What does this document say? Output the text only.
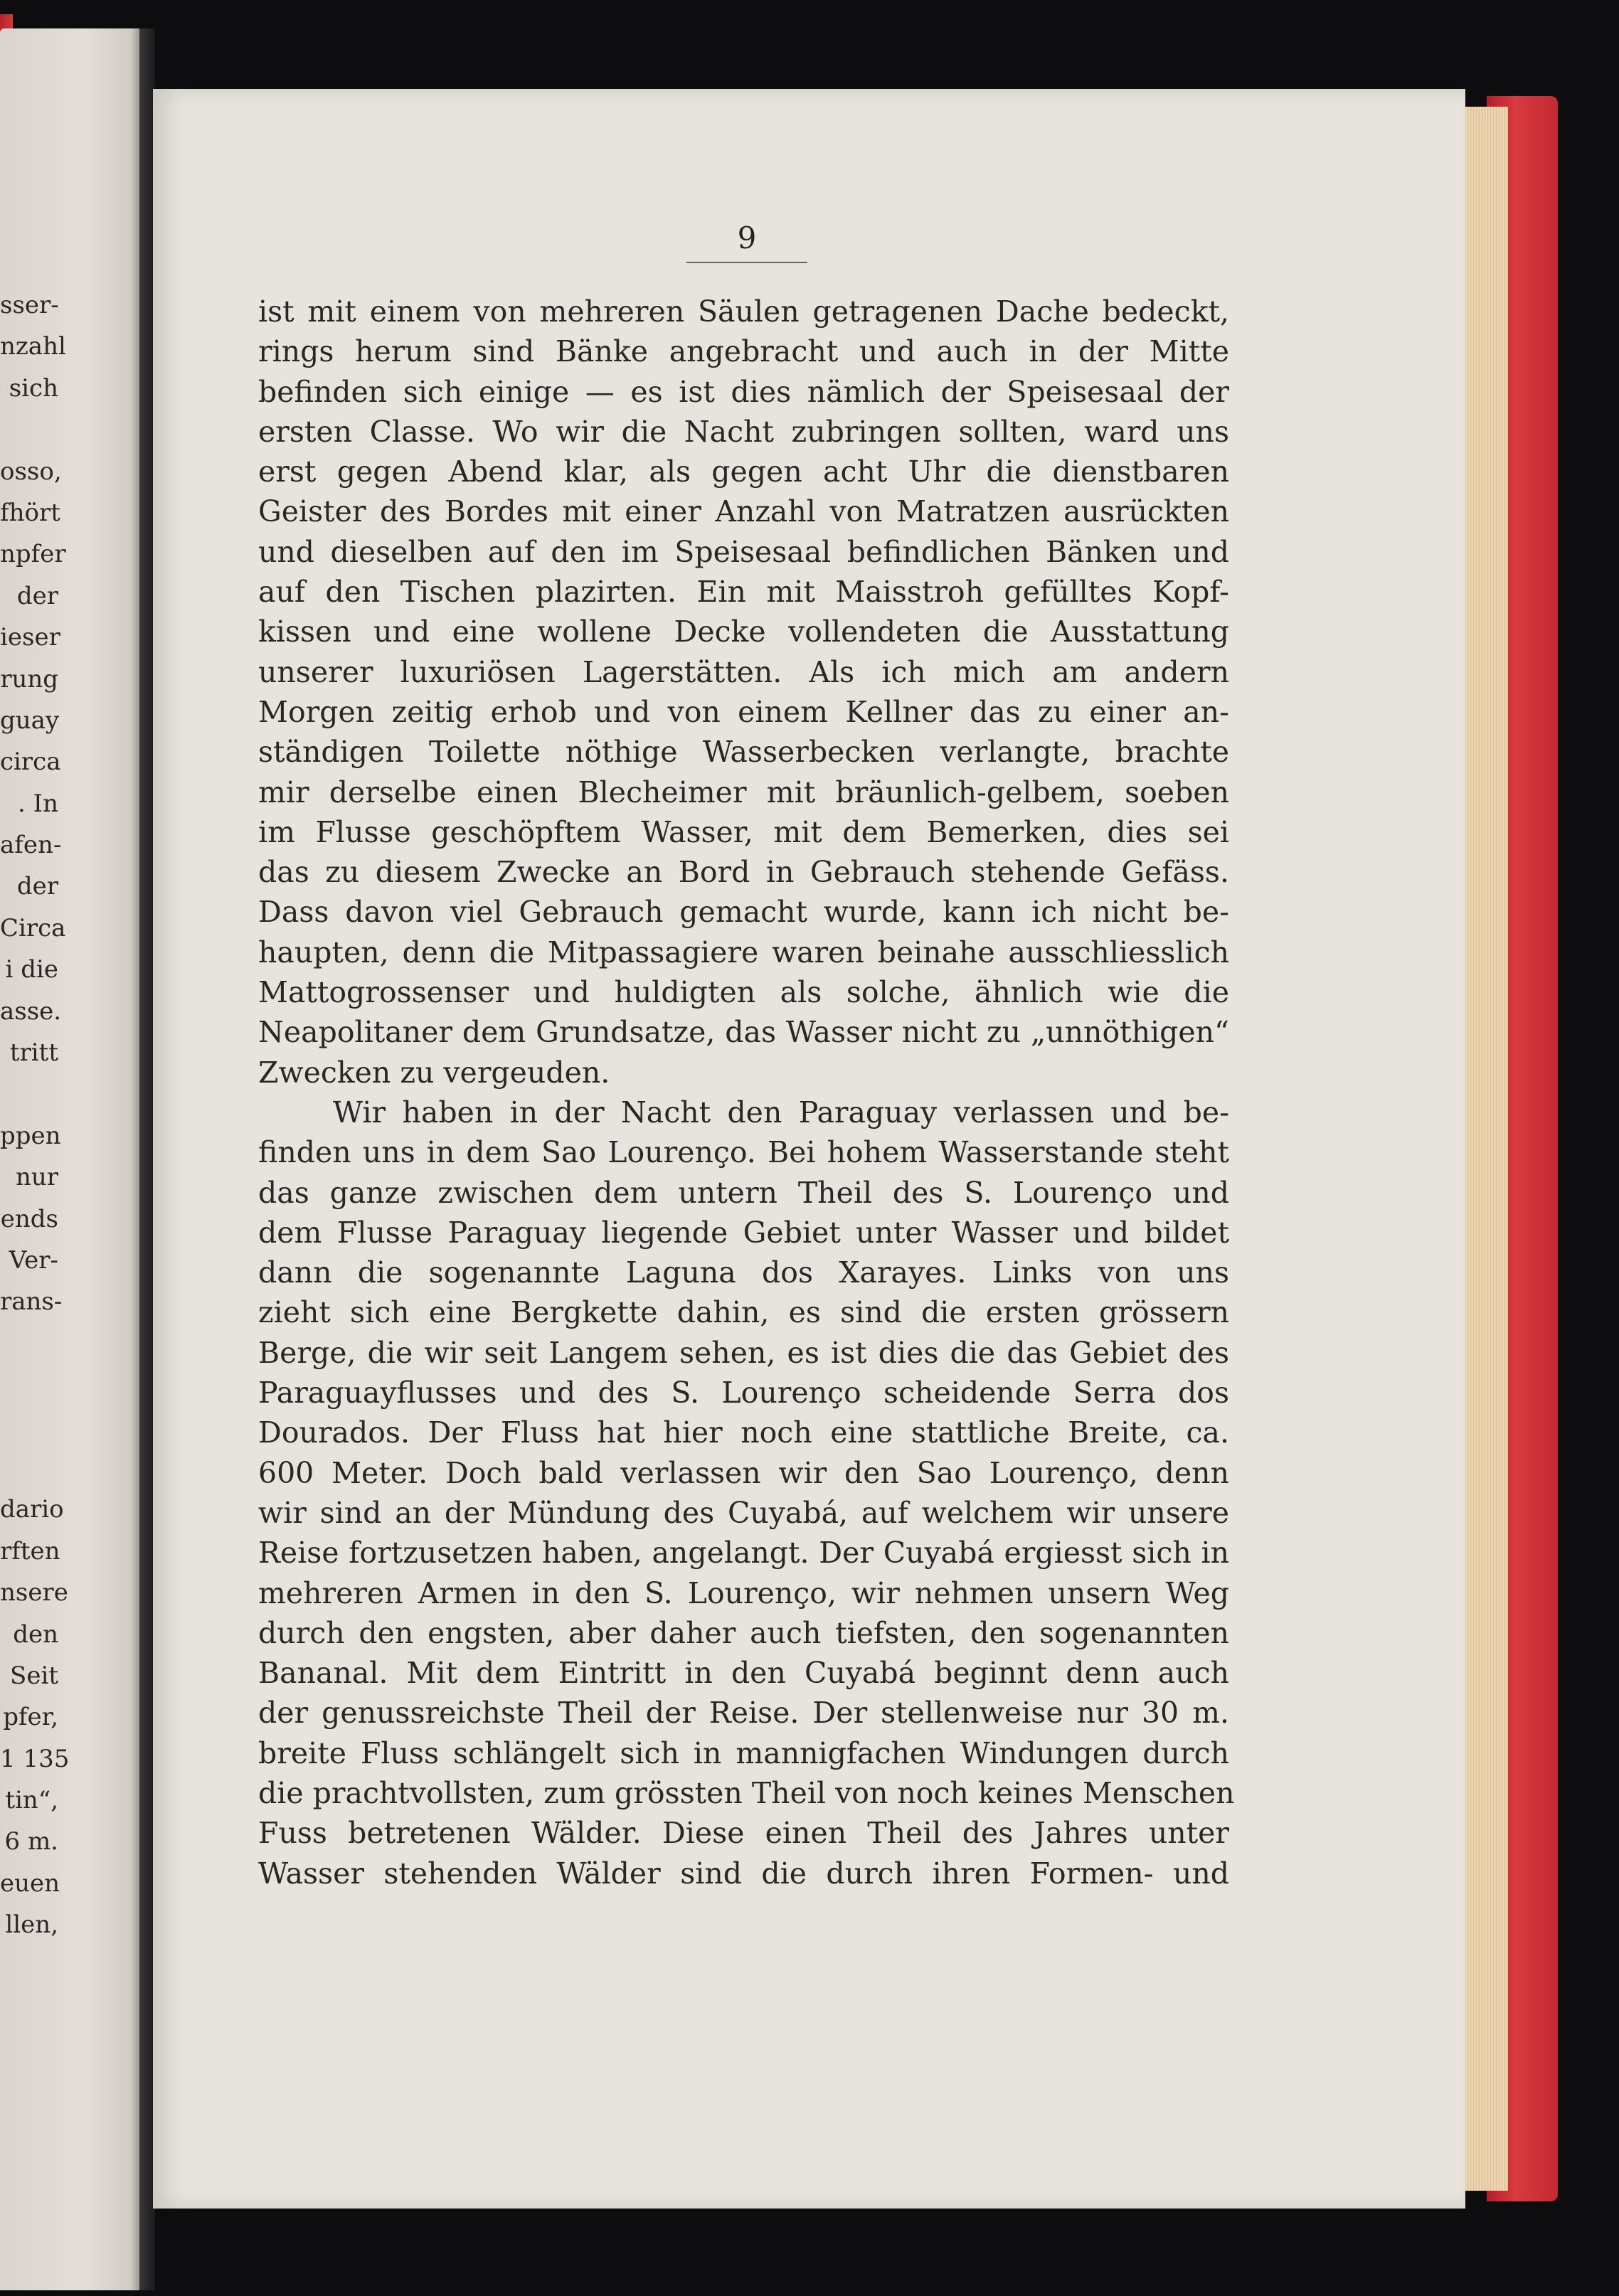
sser-
nzahl
sich
osso,
fhört
npfer
der
ieser
rung
guay
circa
. In
afen-
der
Circa
i die
asse.
tritt
ppen
nur
ends
Ver-
rans-
dario
rften
nsere
den
Seit
pfer,
1 135
tin“,
6 m.
euen
llen,

9

ist mit einem von mehreren Säulen getragenen Dache bedeckt,
rings herum sind Bänke angebracht und auch in der Mitte
befinden sich einige — es ist dies nämlich der Speisesaal der
ersten Classe. Wo wir die Nacht zubringen sollten, ward uns
erst gegen Abend klar, als gegen acht Uhr die dienstbaren
Geister des Bordes mit einer Anzahl von Matratzen ausrückten
und dieselben auf den im Speisesaal befindlichen Bänken und
auf den Tischen plazirten. Ein mit Maisstroh gefülltes Kopf-
kissen und eine wollene Decke vollendeten die Ausstattung
unserer luxuriösen Lagerstätten. Als ich mich am andern
Morgen zeitig erhob und von einem Kellner das zu einer an-
ständigen Toilette nöthige Wasserbecken verlangte, brachte
mir derselbe einen Blecheimer mit bräunlich-gelbem, soeben
im Flusse geschöpftem Wasser, mit dem Bemerken, dies sei
das zu diesem Zwecke an Bord in Gebrauch stehende Gefäss.
Dass davon viel Gebrauch gemacht wurde, kann ich nicht be-
haupten, denn die Mitpassagiere waren beinahe ausschliesslich
Mattogrossenser und huldigten als solche, ähnlich wie die
Neapolitaner dem Grundsatze, das Wasser nicht zu „unnöthigen“
Zwecken zu vergeuden.
Wir haben in der Nacht den Paraguay verlassen und be-
finden uns in dem Sao Lourenço. Bei hohem Wasserstande steht
das ganze zwischen dem untern Theil des S. Lourenço und
dem Flusse Paraguay liegende Gebiet unter Wasser und bildet
dann die sogenannte Laguna dos Xarayes. Links von uns
zieht sich eine Bergkette dahin, es sind die ersten grössern
Berge, die wir seit Langem sehen, es ist dies die das Gebiet des
Paraguayflusses und des S. Lourenço scheidende Serra dos
Dourados. Der Fluss hat hier noch eine stattliche Breite, ca.
600 Meter. Doch bald verlassen wir den Sao Lourenço, denn
wir sind an der Mündung des Cuyabá, auf welchem wir unsere
Reise fortzusetzen haben, angelangt. Der Cuyabá ergiesst sich in
mehreren Armen in den S. Lourenço, wir nehmen unsern Weg
durch den engsten, aber daher auch tiefsten, den sogenannten
Bananal. Mit dem Eintritt in den Cuyabá beginnt denn auch
der genussreichste Theil der Reise. Der stellenweise nur 30 m.
breite Fluss schlängelt sich in mannigfachen Windungen durch
die prachtvollsten, zum grössten Theil von noch keines Menschen
Fuss betretenen Wälder. Diese einen Theil des Jahres unter
Wasser stehenden Wälder sind die durch ihren Formen- und
